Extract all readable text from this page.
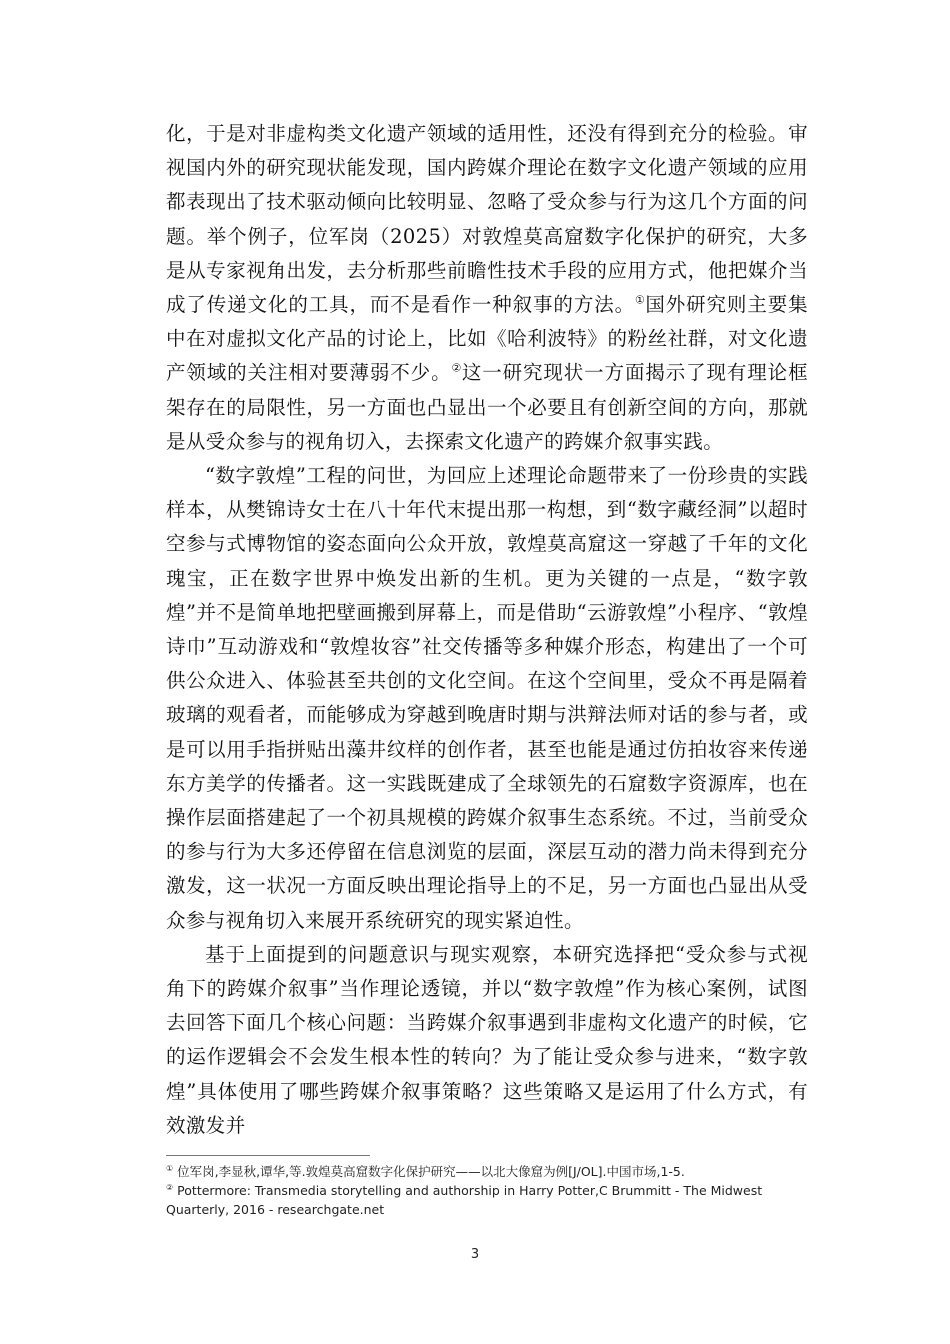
化，于是对非虚构类文化遗产领域的适用性，还没有得到充分的检验。审视国内外的研究现状能发现，国内跨媒介理论在数字文化遗产领域的应用都表现出了技术驱动倾向比较明显、忽略了受众参与行为这几个方面的问题。举个例子，位军岗（2025）对敦煌莫高窟数字化保护的研究，大多是从专家视角出发，去分析那些前瞻性技术手段的应用方式，他把媒介当成了传递文化的工具，而不是看作一种叙事的方法。①国外研究则主要集中在对虚拟文化产品的讨论上，比如《哈利波特》的粉丝社群，对文化遗产领域的关注相对要薄弱不少。②这一研究现状一方面揭示了现有理论框架存在的局限性，另一方面也凸显出一个必要且有创新空间的方向，那就是从受众参与的视角切入，去探索文化遗产的跨媒介叙事实践。

“数字敦煌”工程的问世，为回应上述理论命题带来了一份珍贵的实践样本，从樊锦诗女士在八十年代末提出那一构想，到“数字藏经洞”以超时空参与式博物馆的姿态面向公众开放，敦煌莫高窟这一穿越了千年的文化瑰宝，正在数字世界中焕发出新的生机。更为关键的一点是，“数字敦煌”并不是简单地把壁画搬到屏幕上，而是借助“云游敦煌”小程序、“敦煌诗巾”互动游戏和“敦煌妆容”社交传播等多种媒介形态，构建出了一个可供公众进入、体验甚至共创的文化空间。在这个空间里，受众不再是隔着玻璃的观看者，而能够成为穿越到晚唐时期与洪辩法师对话的参与者，或是可以用手指拼贴出藻井纹样的创作者，甚至也能是通过仿拍妆容来传递东方美学的传播者。这一实践既建成了全球领先的石窟数字资源库，也在操作层面搭建起了一个初具规模的跨媒介叙事生态系统。不过，当前受众的参与行为大多还停留在信息浏览的层面，深层互动的潜力尚未得到充分激发，这一状况一方面反映出理论指导上的不足，另一方面也凸显出从受众参与视角切入来展开系统研究的现实紧迫性。

基于上面提到的问题意识与现实观察，本研究选择把“受众参与式视角下的跨媒介叙事”当作理论透镜，并以“数字敦煌”作为核心案例，试图去回答下面几个核心问题：当跨媒介叙事遇到非虚构文化遗产的时候，它的运作逻辑会不会发生根本性的转向？为了能让受众参与进来，“数字敦煌”具体使用了哪些跨媒介叙事策略？这些策略又是运用了什么方式，有效激发并

① 位军岗,李显秋,谭华,等.敦煌莫高窟数字化保护研究——以北大像窟为例[J/OL].中国市场,1-5.

② Pottermore: Transmedia storytelling and authorship in Harry Potter,C Brummitt - The Midwest Quarterly, 2016 - researchgate.net

3
